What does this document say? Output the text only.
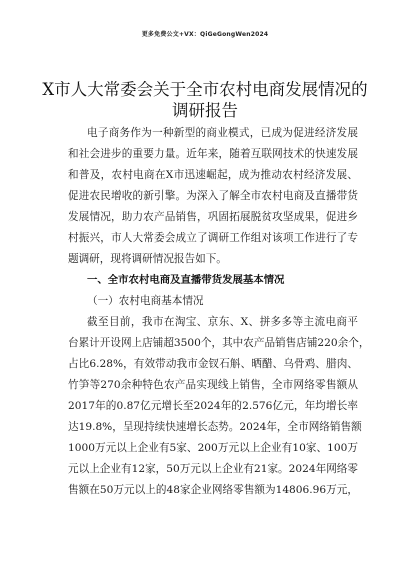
更多免费公文+VX：QiGeGongWen2024
X市人大常委会关于全市农村电商发展情况的
调研报告
电子商务作为一种新型的商业模式，已成为促进经济发展
和社会进步的重要力量。近年来，随着互联网技术的快速发展
和普及，农村电商在X市迅速崛起，成为推动农村经济发展、
促进农民增收的新引擎。为深入了解全市农村电商及直播带货
发展情况，助力农产品销售，巩固拓展脱贫攻坚成果，促进乡
村振兴，市人大常委会成立了调研工作组对该项工作进行了专
题调研，现将调研情况报告如下。
一、全市农村电商及直播带货发展基本情况
（一）农村电商基本情况
截至目前，我市在淘宝、京东、X、拼多多等主流电商平
台累计开设网上店铺超3500个，其中农产品销售店铺220余个，
占比6.28%，有效带动我市金钗石斛、晒醋、乌骨鸡、腊肉、
竹笋等270余种特色农产品实现线上销售，全市网络零售额从
2017年的0.87亿元增长至2024年的2.576亿元，年均增长率
达19.8%，呈现持续快速增长态势。2024年，全市网络销售额
1000万元以上企业有5家、200万元以上企业有10家、100万
元以上企业有12家，50万元以上企业有21家。2024年网络零
售额在50万元以上的48家企业网络零售额为14806.96万元，
